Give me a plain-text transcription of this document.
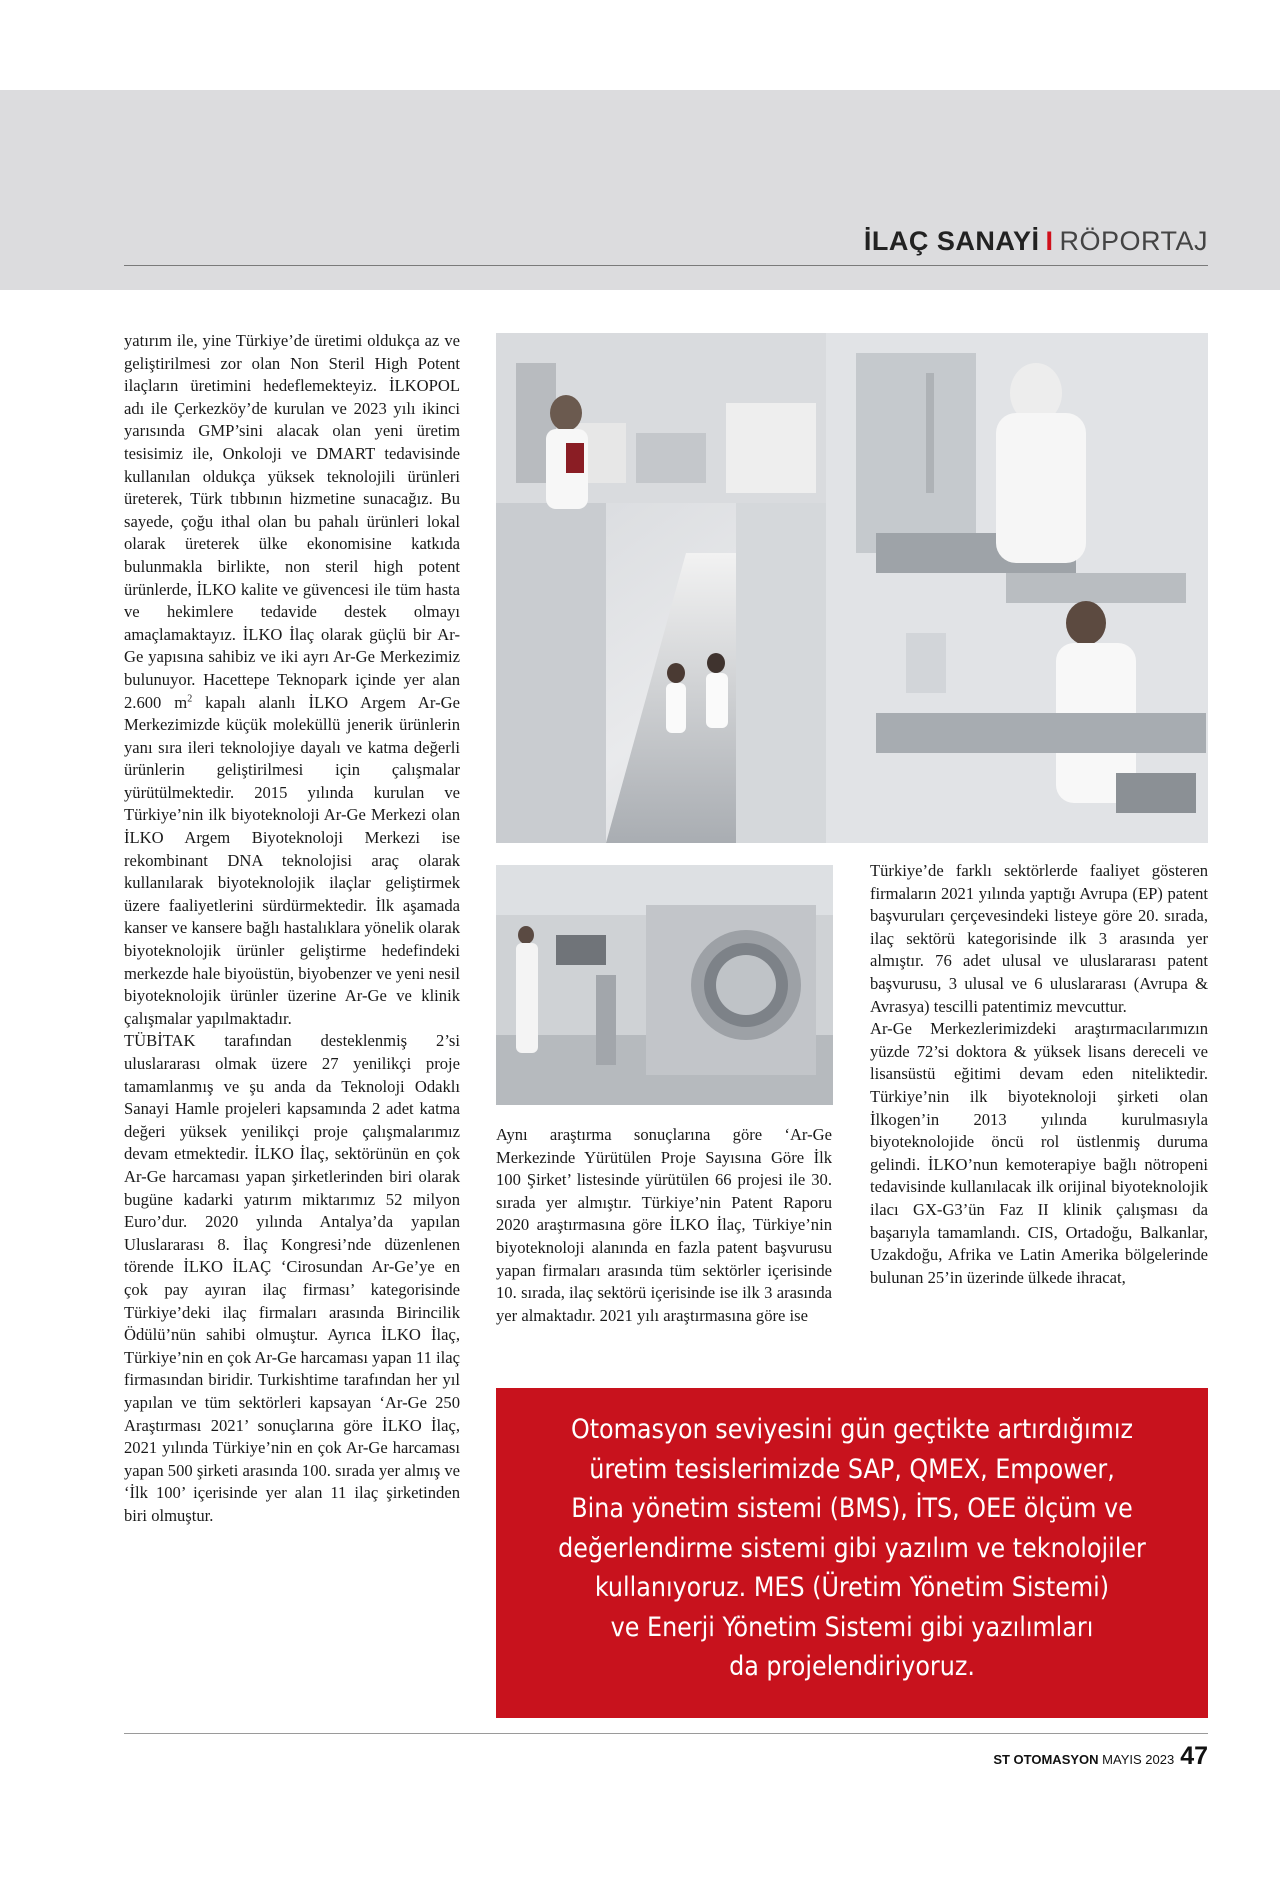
İLAÇ SANAYİ I RÖPORTAJ

yatırım ile, yine Türkiye’de üretimi oldukça az ve geliştirilmesi zor olan Non Steril High Potent ilaçların üretimini hedeflemekteyiz. İLKOPOL adı ile Çerkezköy’de kurulan ve 2023 yılı ikinci yarısında GMP’sini alacak olan yeni üretim tesisimiz ile, Onkoloji ve DMART tedavisinde kullanılan oldukça yüksek teknolojili ürünleri üreterek, Türk tıbbının hizmetine sunacağız. Bu sayede, çoğu ithal olan bu pahalı ürünleri lokal olarak üreterek ülke ekonomisine katkıda bulunmakla birlikte, non steril high potent ürünlerde, İLKO kalite ve güvencesi ile tüm hasta ve hekimlere tedavide destek olmayı amaçlamaktayız. İLKO İlaç olarak güçlü bir Ar-Ge yapısına sahibiz ve iki ayrı Ar-Ge Merkezimiz bulunuyor. Hacettepe Teknopark içinde yer alan 2.600 $m^2$ kapalı alanlı İLKO Argem Ar-Ge Merkezimizde küçük moleküllü jenerik ürünlerin yanı sıra ileri teknolojiye dayalı ve katma değerli ürünlerin geliştirilmesi için çalışmalar yürütülmektedir. 2015 yılında kurulan ve Türkiye’nin ilk biyoteknoloji Ar-Ge Merkezi olan İLKO Argem Biyoteknoloji Merkezi ise rekombinant DNA teknolojisi araç olarak kullanılarak biyoteknolojik ilaçlar geliştirmek üzere faaliyetlerini sürdürmektedir. İlk aşamada kanser ve kansere bağlı hastalıklara yönelik olarak biyoteknolojik ürünler geliştirme hedefindeki merkezde hale biyoüstün, biyobenzer ve yeni nesil biyoteknolojik ürünler üzerine Ar-Ge ve klinik çalışmalar yapılmaktadır.

TÜBİTAK tarafından desteklenmiş 2’si uluslararası olmak üzere 27 yenilikçi proje tamamlanmış ve şu anda da Teknoloji Odaklı Sanayi Hamle projeleri kapsamında 2 adet katma değeri yüksek yenilikçi proje çalışmalarımız devam etmektedir. İLKO İlaç, sektörünün en çok Ar-Ge harcaması yapan şirketlerinden biri olarak bugüne kadarki yatırım miktarımız 52 milyon Euro’dur. 2020 yılında Antalya’da yapılan Uluslararası 8. İlaç Kongresi’nde düzenlenen törende İLKO İLAÇ ‘Cirosundan Ar-Ge’ye en çok pay ayıran ilaç firması’ kategorisinde Türkiye’deki ilaç firmaları arasında Birincilik Ödülü’nün sahibi olmuştur. Ayrıca İLKO İlaç, Türkiye’nin en çok Ar-Ge harcaması yapan 11 ilaç firmasından biridir. Turkishtime tarafından her yıl yapılan ve tüm sektörleri kapsayan ‘Ar-Ge 250 Araştırması 2021’ sonuçlarına göre İLKO İlaç, 2021 yılında Türkiye’nin en çok Ar-Ge harcaması yapan 500 şirketi arasında 100. sırada yer almış ve ‘İlk 100’ içerisinde yer alan 11 ilaç şirketinden biri olmuştur.

Aynı araştırma sonuçlarına göre ‘Ar-Ge Merkezinde Yürütülen Proje Sayısına Göre İlk 100 Şirket’ listesinde yürütülen 66 projesi ile 30. sırada yer almıştır. Türkiye’nin Patent Raporu 2020 araştırmasına göre İLKO İlaç, Türkiye’nin biyoteknoloji alanında en fazla patent başvurusu yapan firmaları arasında tüm sektörler içerisinde 10. sırada, ilaç sektörü içerisinde ise ilk 3 arasında yer almaktadır. 2021 yılı araştırmasına göre ise

Türkiye’de farklı sektörlerde faaliyet gösteren firmaların 2021 yılında yaptığı Avrupa (EP) patent başvuruları çerçevesindeki listeye göre 20. sırada, ilaç sektörü kategorisinde ilk 3 arasında yer almıştır. 76 adet ulusal ve uluslararası patent başvurusu, 3 ulusal ve 6 uluslararası (Avrupa & Avrasya) tescilli patentimiz mevcuttur.

Ar-Ge Merkezlerimizdeki araştırmacılarımızın yüzde 72’si doktora & yüksek lisans dereceli ve lisansüstü eğitimi devam eden niteliktedir. Türkiye’nin ilk biyoteknoloji şirketi olan İlkogen’in 2013 yılında kurulmasıyla biyoteknolojide öncü rol üstlenmiş duruma gelindi. İLKO’nun kemoterapiye bağlı nötropeni tedavisinde kullanılacak ilk orijinal biyoteknolojik ilacı GX-G3’ün Faz II klinik çalışması da başarıyla tamamlandı. CIS, Ortadoğu, Balkanlar, Uzakdoğu, Afrika ve Latin Amerika bölgelerinde bulunan 25’in üzerinde ülkede ihracat,

Otomasyon seviyesini gün geçtikte artırdığımız
üretim tesislerimizde SAP, QMEX, Empower,
Bina yönetim sistemi (BMS), İTS, OEE ölçüm ve
değerlendirme sistemi gibi yazılım ve teknolojiler
kullanıyoruz. MES (Üretim Yönetim Sistemi)
ve Enerji Yönetim Sistemi gibi yazılımları
da projelendiriyoruz.
ST OTOMASYON MAYIS 2023 47
